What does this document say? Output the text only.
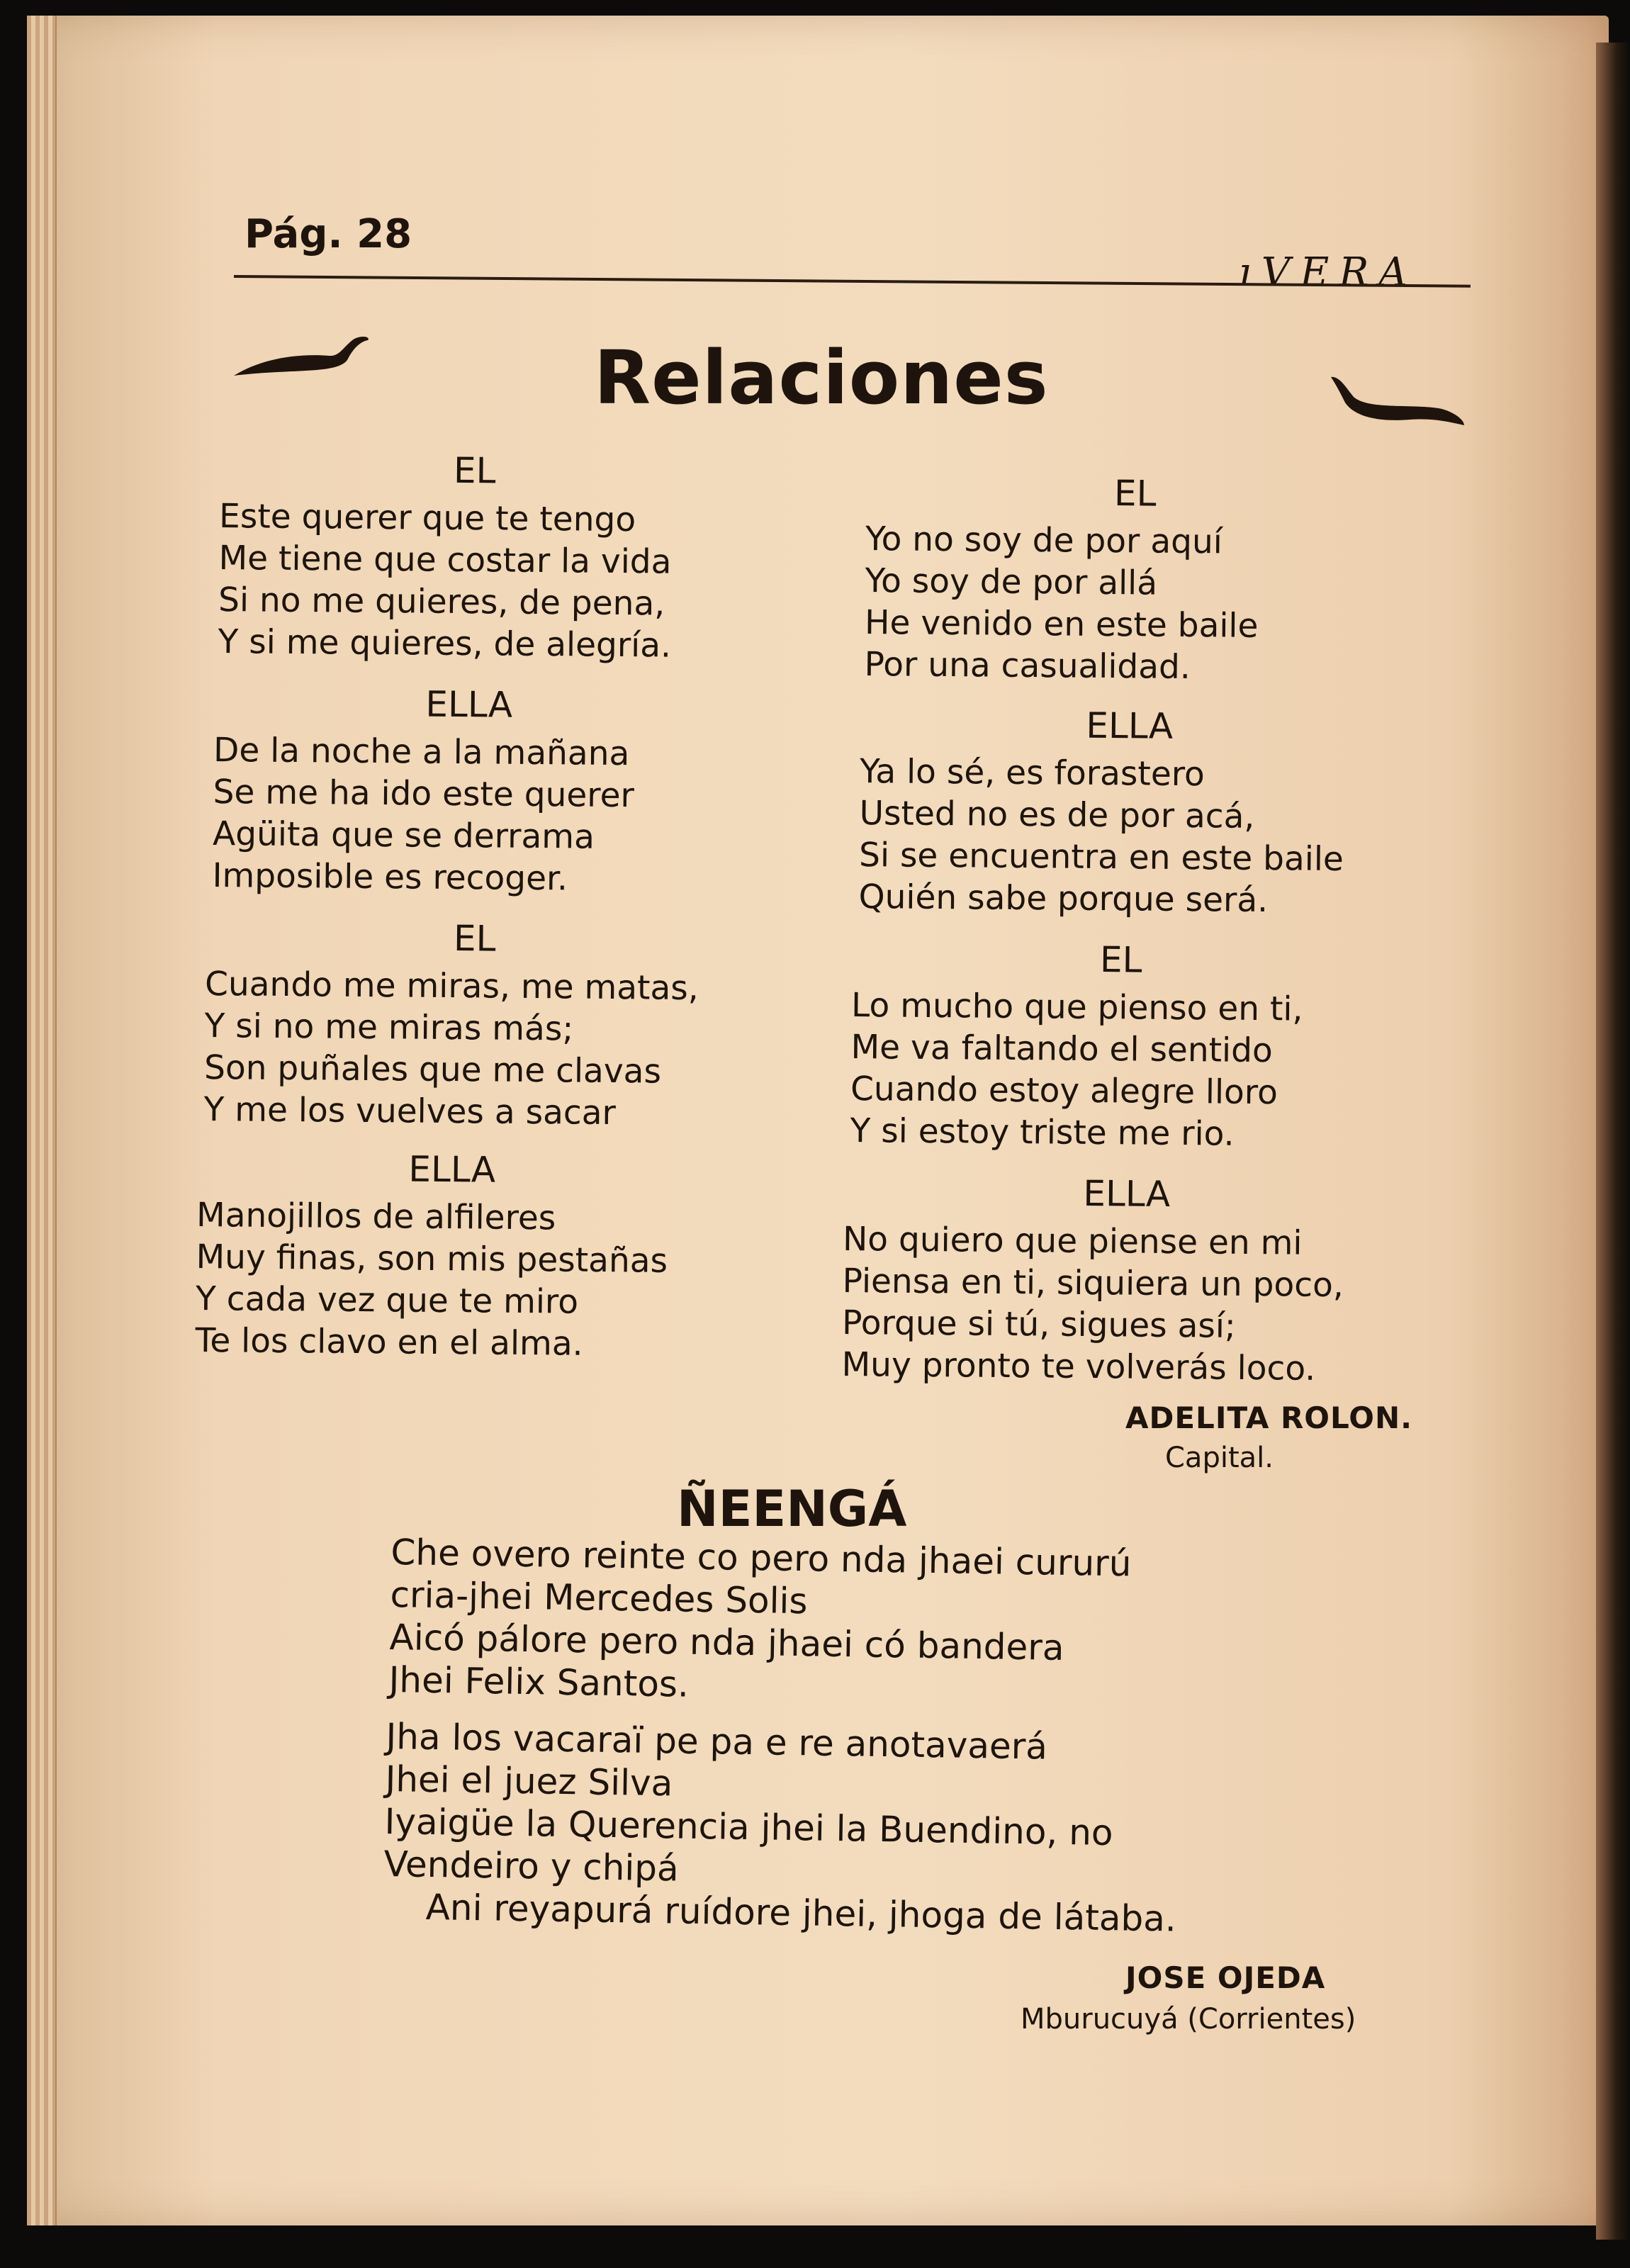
Pág. 28
ıVERA
Relaciones
EL
Este querer que te tengo
Me tiene que costar la vida
Si no me quieres, de pena,
Y si me quieres, de alegría.
ELLA
De la noche a la mañana
Se me ha ido este querer
Agüita que se derrama
Imposible es recoger.
EL
Cuando me miras, me matas,
Y si no me miras más;
Son puñales que me clavas
Y me los vuelves a sacar
ELLA
Manojillos de alfileres
Muy finas, son mis pestañas
Y cada vez que te miro
Te los clavo en el alma.
EL
Yo no soy de por aquí
Yo soy de por allá
He venido en este baile
Por una casualidad.
ELLA
Ya lo sé, es forastero
Usted no es de por acá,
Si se encuentra en este baile
Quién sabe porque será.
EL
Lo mucho que pienso en ti,
Me va faltando el sentido
Cuando estoy alegre lloro
Y si estoy triste me rio.
ELLA
No quiero que piense en mi
Piensa en ti, siquiera un poco,
Porque si tú, sigues así;
Muy pronto te volverás loco.
ADELITA ROLON.
Capital.
ÑEENGÁ
Che overo reinte co pero nda jhaei cururú
cria-jhei Mercedes Solis
Aicó pálore pero nda jhaei có bandera
Jhei Felix Santos.
Jha los vacaraï pe pa e re anotavaerá
Jhei el juez Silva
Iyaigüe la Querencia jhei la Buendino, no
Vendeiro y chipá
Ani reyapurá ruídore jhei, jhoga de látaba.
JOSE OJEDA
Mburucuyá (Corrientes)
